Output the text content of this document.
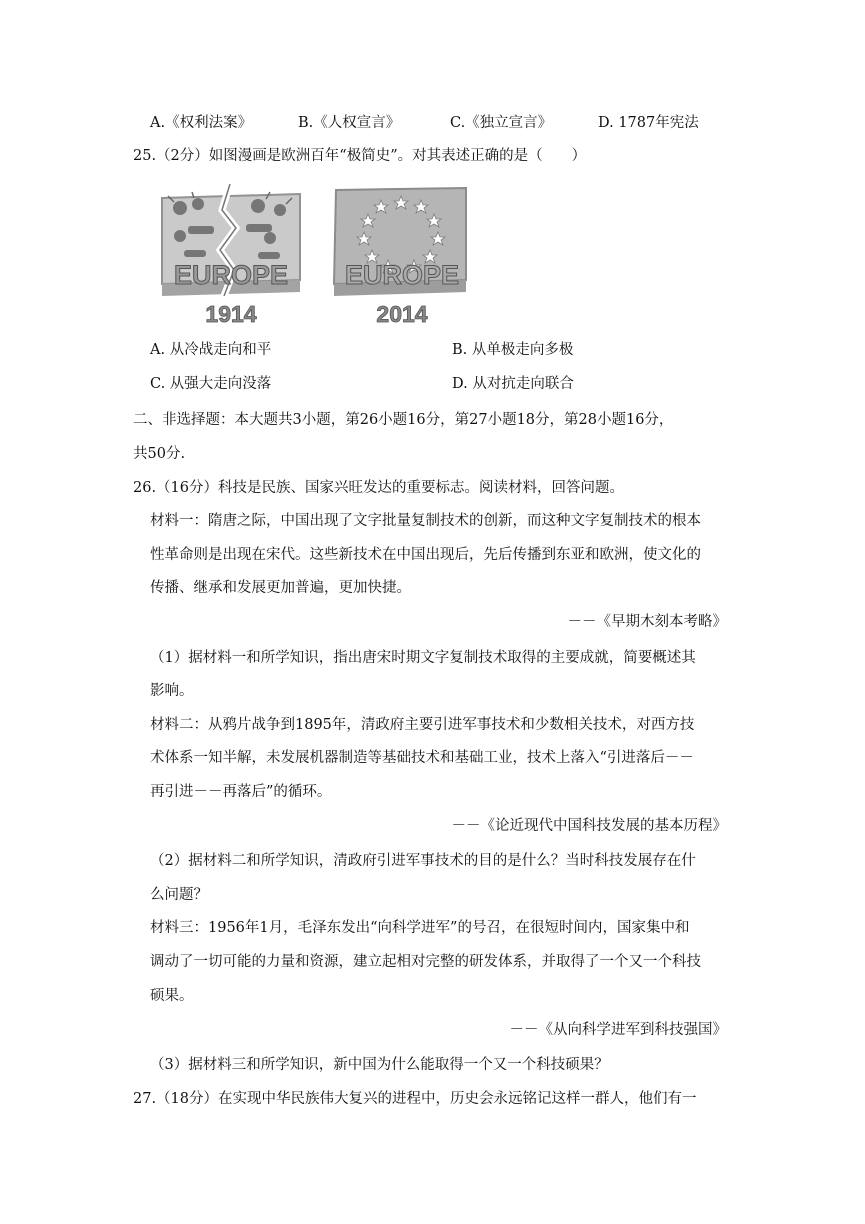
A.《权利法案》	B.《人权宣言》	C.《独立宣言》	D. 1787年宪法
25.（2分）如图漫画是欧洲百年“极简史”。对其表述正确的是（　　）
EUROPE
1914
EUROPE
2014
A. 从冷战走向和平	B. 从单极走向多极
C. 从强大走向没落	D. 从对抗走向联合
二、非选择题：本大题共3小题，第26小题16分，第27小题18分，第28小题16分，
共50分.
26.（16分）科技是民族、国家兴旺发达的重要标志。阅读材料，回答问题。
材料一：隋唐之际，中国出现了文字批量复制技术的创新，而这种文字复制技术的根本
性革命则是出现在宋代。这些新技术在中国出现后，先后传播到东亚和欧洲，使文化的
传播、继承和发展更加普遍，更加快捷。
－－《早期木刻本考略》
（1）据材料一和所学知识，指出唐宋时期文字复制技术取得的主要成就，简要概述其
影响。
材料二：从鸦片战争到1895年，清政府主要引进军事技术和少数相关技术，对西方技
术体系一知半解，未发展机器制造等基础技术和基础工业，技术上落入“引进落后－－
再引进－－再落后”的循环。
－－《论近现代中国科技发展的基本历程》
（2）据材料二和所学知识，清政府引进军事技术的目的是什么？当时科技发展存在什
么问题？
材料三：1956年1月，毛泽东发出“向科学进军”的号召，在很短时间内，国家集中和
调动了一切可能的力量和资源，建立起相对完整的研发体系，并取得了一个又一个科技
硕果。
－－《从向科学进军到科技强国》
（3）据材料三和所学知识，新中国为什么能取得一个又一个科技硕果？
27.（18分）在实现中华民族伟大复兴的进程中，历史会永远铭记这样一群人，他们有一
